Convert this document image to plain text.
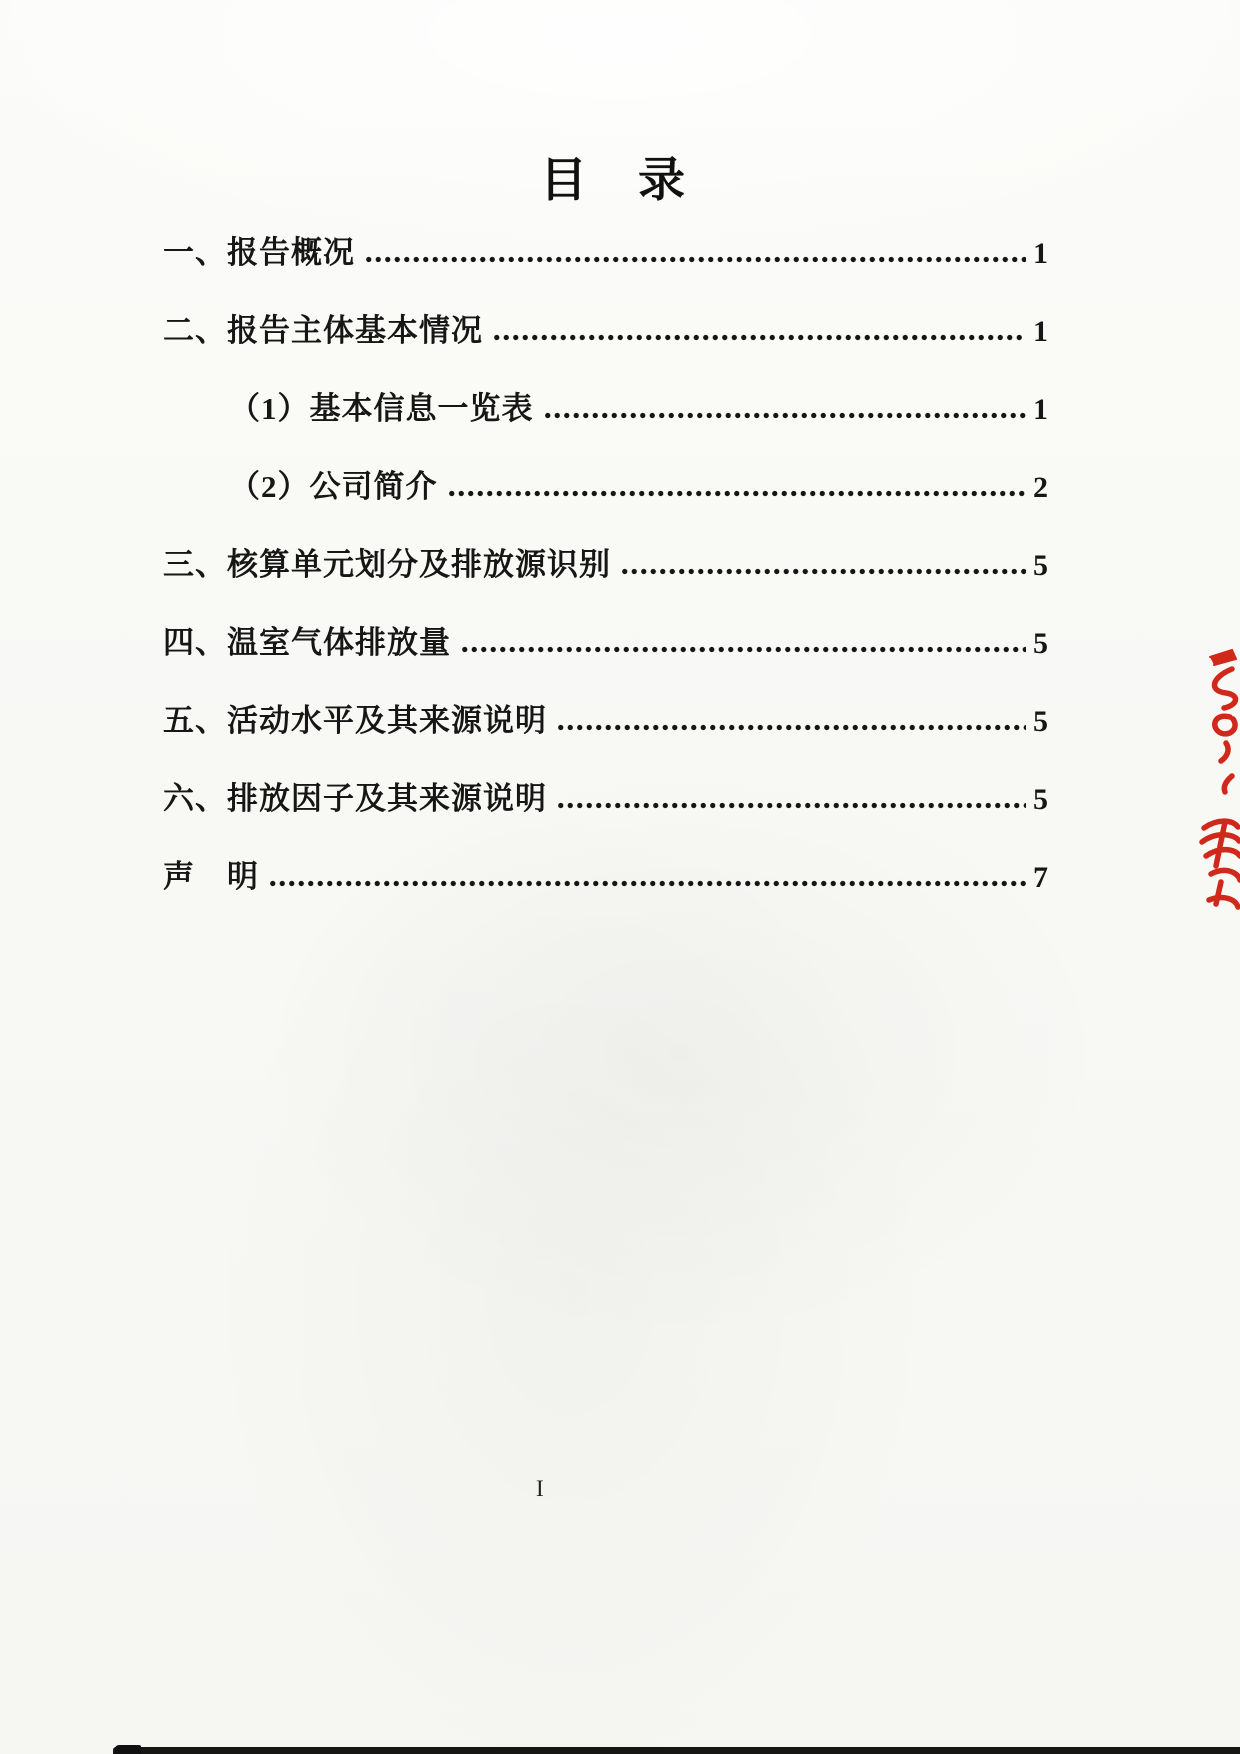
目　录
一、报告概况	1
二、报告主体基本情况	1
（1）基本信息一览表	1
（2）公司简介	2
三、核算单元划分及排放源识别	5
四、温室气体排放量	5
五、活动水平及其来源说明	5
六、排放因子及其来源说明	5
声　明	7
I
